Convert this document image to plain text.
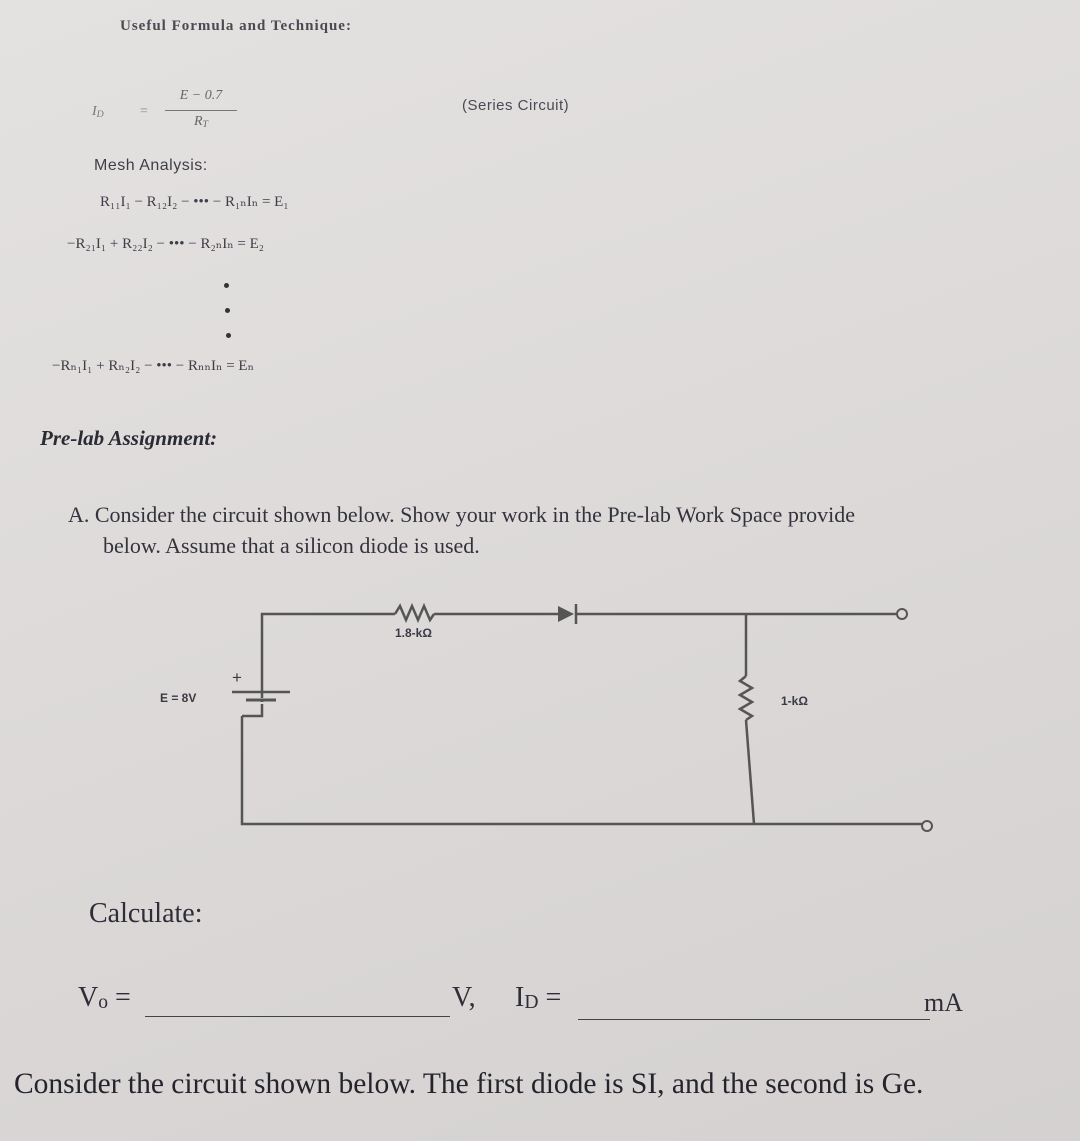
Useful Formula and Technique:
$I_D$	=
E − 0.7
$R_T$
(Series Circuit)
Mesh Analysis:
R₁₁I₁ − R₁₂I₂ − ••• − R₁ₙIₙ = E₁
−R₂₁I₁ + R₂₂I₂ − ••• − R₂ₙIₙ = E₂
−Rₙ₁I₁ + Rₙ₂I₂ − ••• − RₙₙIₙ = Eₙ
Pre-lab Assignment:
A. Consider the circuit shown below. Show your work in the Pre-lab Work Space provide
below. Assume that a silicon diode is used.
1.8-kΩ
+
E = 8V	1-kΩ
Calculate:
$V_o$ =	V, $I_D$ =	mA
Consider the circuit shown below. The first diode is SI, and the second is Ge.
